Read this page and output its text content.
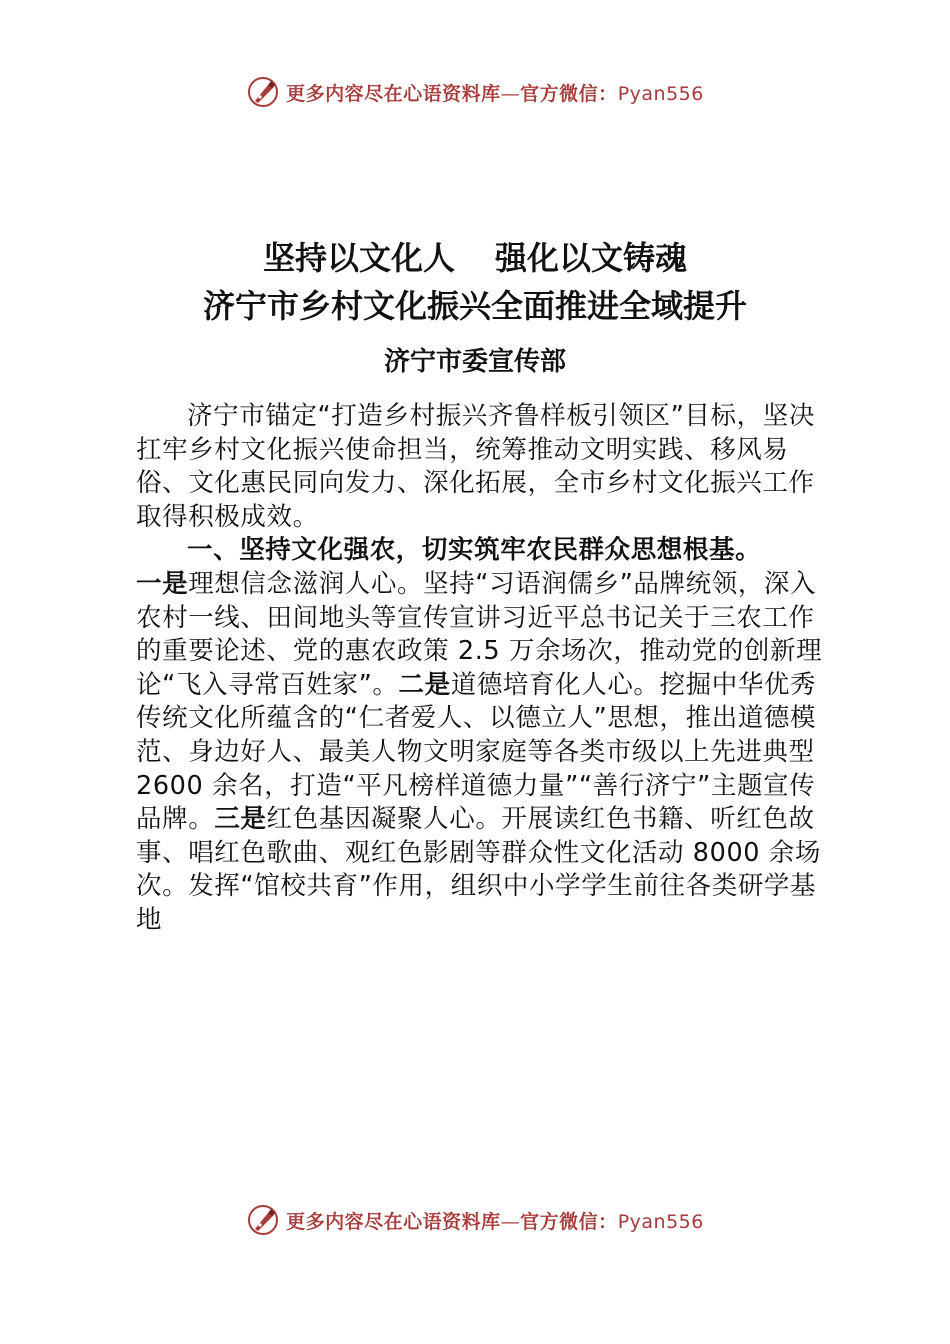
更多内容尽在心语资料库—官方微信：Pyan556
坚持以文化人 强化以文铸魂
济宁市乡村文化振兴全面推进全域提升
济宁市委宣传部

济宁市锚定“打造乡村振兴齐鲁样板引领区”目标，坚决扛牢乡村文化振兴使命担当，统筹推动文明实践、移风易俗、文化惠民同向发力、深化拓展，全市乡村文化振兴工作取得积极成效。

一、坚持文化强农，切实筑牢农民群众思想根基。

一是理想信念滋润人心。坚持“习语润儒乡”品牌统领，深入农村一线、田间地头等宣传宣讲习近平总书记关于三农工作的重要论述、党的惠农政策 2.5 万余场次，推动党的创新理论“飞入寻常百姓家”。二是道德培育化人心。挖掘中华优秀传统文化所蕴含的“仁者爱人、以德立人”思想，推出道德模范、身边好人、最美人物文明家庭等各类市级以上先进典型 2600 余名，打造“平凡榜样道德力量”“善行济宁”主题宣传品牌。三是红色基因凝聚人心。开展读红色书籍、听红色故事、唱红色歌曲、观红色影剧等群众性文化活动 8000 余场次。发挥“馆校共育”作用，组织中小学学生前往各类研学基地

更多内容尽在心语资料库—官方微信：Pyan556
